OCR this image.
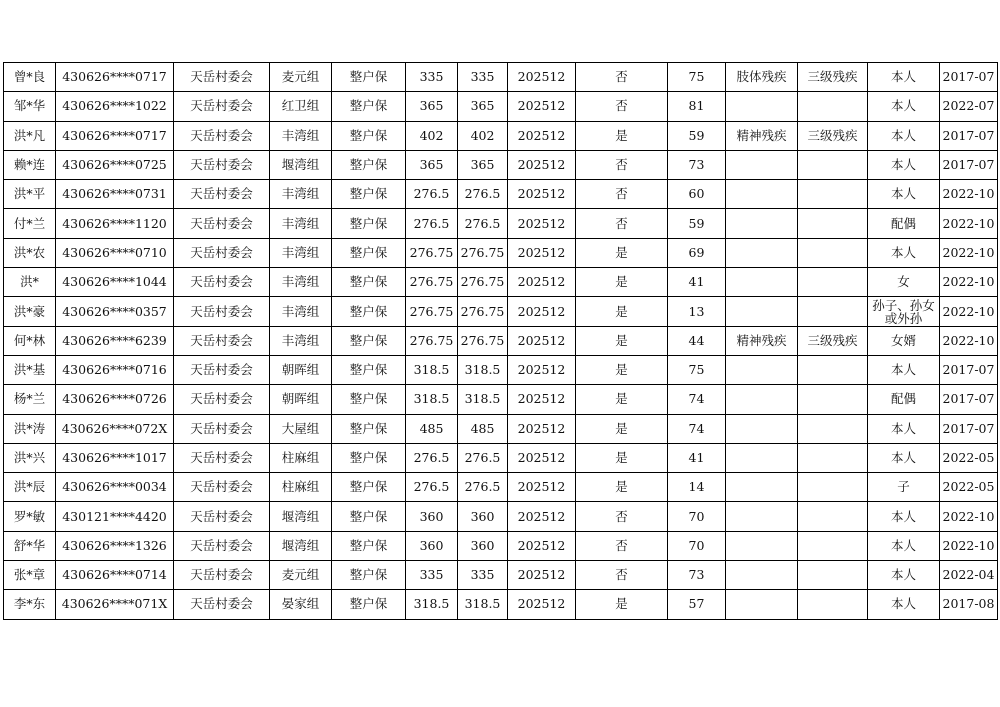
曾*良	430626****0717	天岳村委会	麦元组	整户保	335	335	202512	否	75	肢体残疾	三级残疾	本人	2017-07
邹*华	430626****1022	天岳村委会	红卫组	整户保	365	365	202512	否	81			本人	2022-07
洪*凡	430626****0717	天岳村委会	丰湾组	整户保	402	402	202512	是	59	精神残疾	三级残疾	本人	2017-07
赖*连	430626****0725	天岳村委会	堰湾组	整户保	365	365	202512	否	73			本人	2017-07
洪*平	430626****0731	天岳村委会	丰湾组	整户保	276.5	276.5	202512	否	60			本人	2022-10
付*兰	430626****1120	天岳村委会	丰湾组	整户保	276.5	276.5	202512	否	59			配偶	2022-10
洪*农	430626****0710	天岳村委会	丰湾组	整户保	276.75	276.75	202512	是	69			本人	2022-10
洪*	430626****1044	天岳村委会	丰湾组	整户保	276.75	276.75	202512	是	41			女	2022-10
洪*豪	430626****0357	天岳村委会	丰湾组	整户保	276.75	276.75	202512	是	13			孙子、孙女或外孙	2022-10
何*林	430626****6239	天岳村委会	丰湾组	整户保	276.75	276.75	202512	是	44	精神残疾	三级残疾	女婿	2022-10
洪*基	430626****0716	天岳村委会	朝晖组	整户保	318.5	318.5	202512	是	75			本人	2017-07
杨*兰	430626****0726	天岳村委会	朝晖组	整户保	318.5	318.5	202512	是	74			配偶	2017-07
洪*涛	430626****072X	天岳村委会	大屋组	整户保	485	485	202512	是	74			本人	2017-07
洪*兴	430626****1017	天岳村委会	柱麻组	整户保	276.5	276.5	202512	是	41			本人	2022-05
洪*辰	430626****0034	天岳村委会	柱麻组	整户保	276.5	276.5	202512	是	14			子	2022-05
罗*敏	430121****4420	天岳村委会	堰湾组	整户保	360	360	202512	否	70			本人	2022-10
舒*华	430626****1326	天岳村委会	堰湾组	整户保	360	360	202512	否	70			本人	2022-10
张*章	430626****0714	天岳村委会	麦元组	整户保	335	335	202512	否	73			本人	2022-04
李*东	430626****071X	天岳村委会	晏家组	整户保	318.5	318.5	202512	是	57			本人	2017-08
